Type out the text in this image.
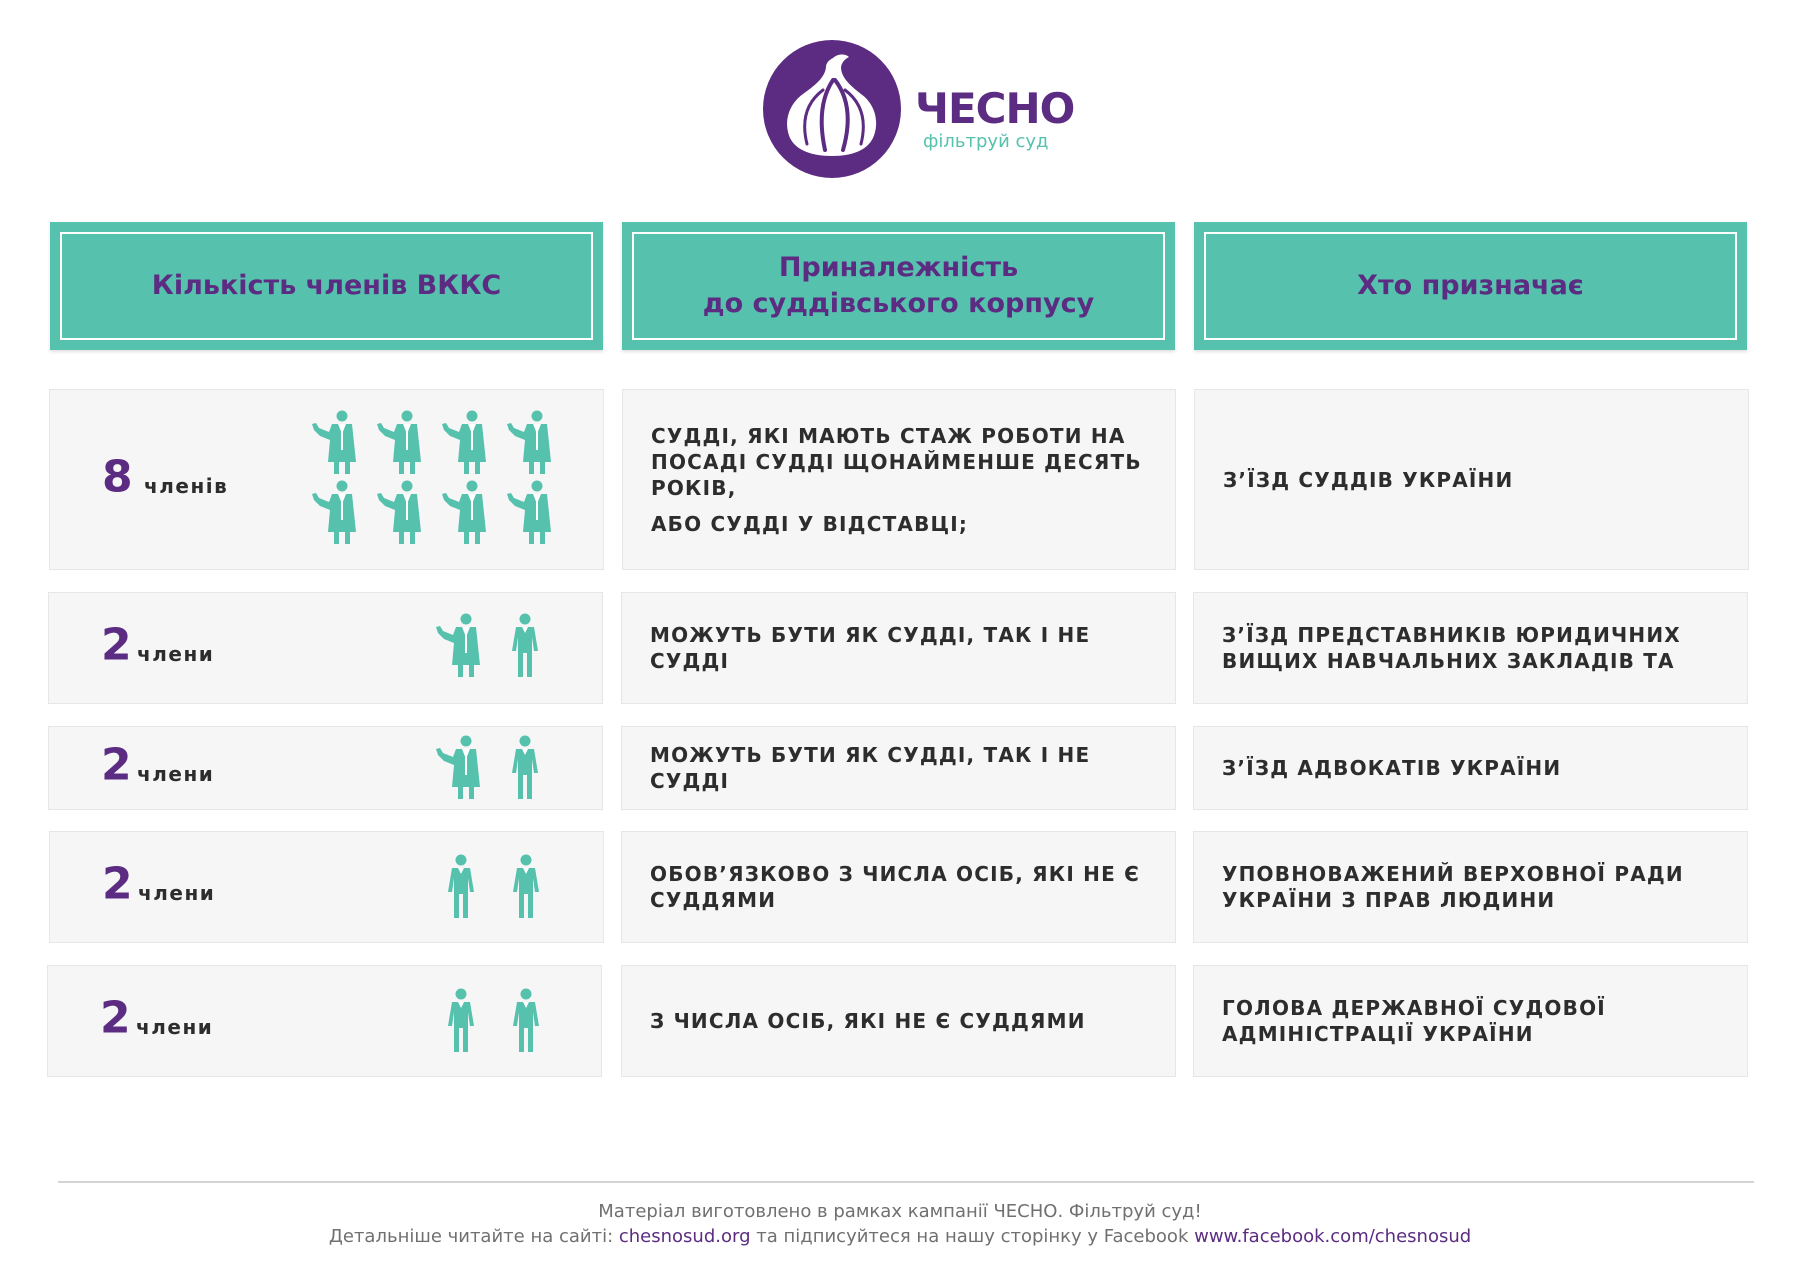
ЧЕСНО
фільтруй суд
Кількість членів ВККС
Приналежність
до суддівського корпусу
Хто призначає
8 членів

СУДДІ, ЯКІ МАЮТЬ СТАЖ РОБОТИ НА ПОСАДІ СУДДІ ЩОНАЙМЕНШЕ ДЕСЯТЬ РОКІВ,

АБО СУДДІ У ВІДСТАВЦІ;

З’ЇЗД СУДДІВ УКРАЇНИ
2 члени
МОЖУТЬ БУТИ ЯК СУДДІ, ТАК І НЕ СУДДІ
З’ЇЗД ПРЕДСТАВНИКІВ ЮРИДИЧНИХ ВИЩИХ НАВЧАЛЬНИХ ЗАКЛАДІВ ТА
2 члени
МОЖУТЬ БУТИ ЯК СУДДІ, ТАК І НЕ СУДДІ
З’ЇЗД АДВОКАТІВ УКРАЇНИ
2 члени
ОБОВ’ЯЗКОВО З ЧИСЛА ОСІБ, ЯКІ НЕ Є СУДДЯМИ
УПОВНОВАЖЕНИЙ ВЕРХОВНОЇ РАДИ УКРАЇНИ З ПРАВ ЛЮДИНИ
2 члени	З ЧИСЛА ОСІБ, ЯКІ НЕ Є СУДДЯМИ
ГОЛОВА ДЕРЖАВНОЇ СУДОВОЇ АДМІНІСТРАЦІЇ УКРАЇНИ
Матеріал виготовлено в рамках кампанії ЧЕСНО. Фільтруй суд!
Детальніше читайте на сайті: chesnosud.org та підписуйтеся на нашу сторінку у Facebook www.facebook.com/chesnosud
